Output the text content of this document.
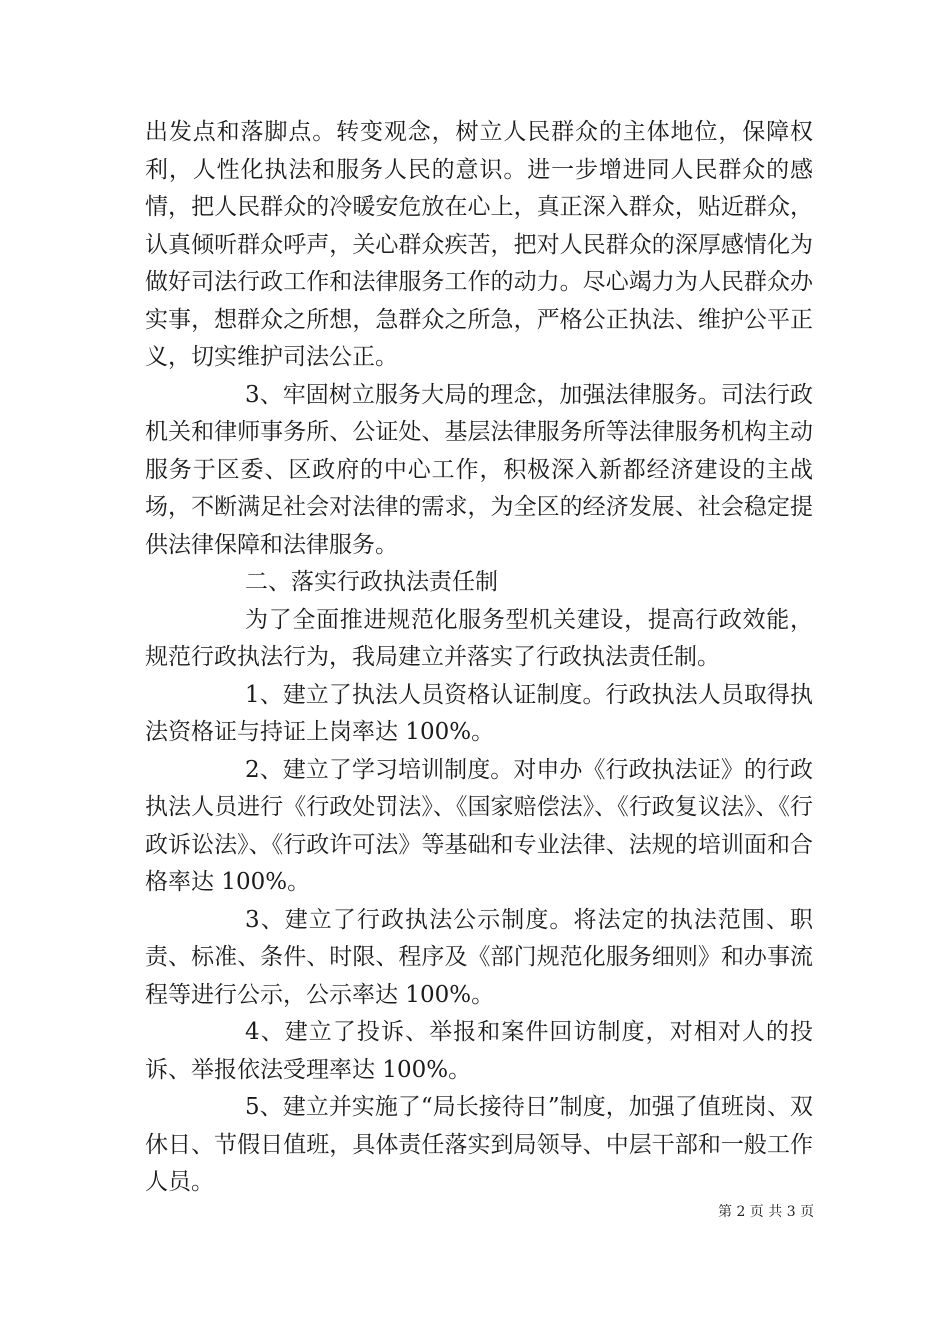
出发点和落脚点。转变观念，树立人民群众的主体地位，保障权利，人性化执法和服务人民的意识。进一步增进同人民群众的感情，把人民群众的冷暖安危放在心上，真正深入群众，贴近群众，认真倾听群众呼声，关心群众疾苦，把对人民群众的深厚感情化为做好司法行政工作和法律服务工作的动力。尽心竭力为人民群众办实事，想群众之所想，急群众之所急，严格公正执法、维护公平正义，切实维护司法公正。

3、牢固树立服务大局的理念，加强法律服务。司法行政机关和律师事务所、公证处、基层法律服务所等法律服务机构主动服务于区委、区政府的中心工作，积极深入新都经济建设的主战场，不断满足社会对法律的需求，为全区的经济发展、社会稳定提供法律保障和法律服务。

二、落实行政执法责任制

为了全面推进规范化服务型机关建设，提高行政效能，规范行政执法行为，我局建立并落实了行政执法责任制。

1、建立了执法人员资格认证制度。行政执法人员取得执法资格证与持证上岗率达 100%。

2、建立了学习培训制度。对申办《行政执法证》的行政执法人员进行《行政处罚法》、《国家赔偿法》、《行政复议法》、《行政诉讼法》、《行政许可法》等基础和专业法律、法规的培训面和合格率达 100%。

3、建立了行政执法公示制度。将法定的执法范围、职责、标准、条件、时限、程序及《部门规范化服务细则》和办事流程等进行公示，公示率达 100%。

4、建立了投诉、举报和案件回访制度，对相对人的投诉、举报依法受理率达 100%。

5、建立并实施了“局长接待日”制度，加强了值班岗、双休日、节假日值班，具体责任落实到局领导、中层干部和一般工作人员。

第 2 页 共 3 页
